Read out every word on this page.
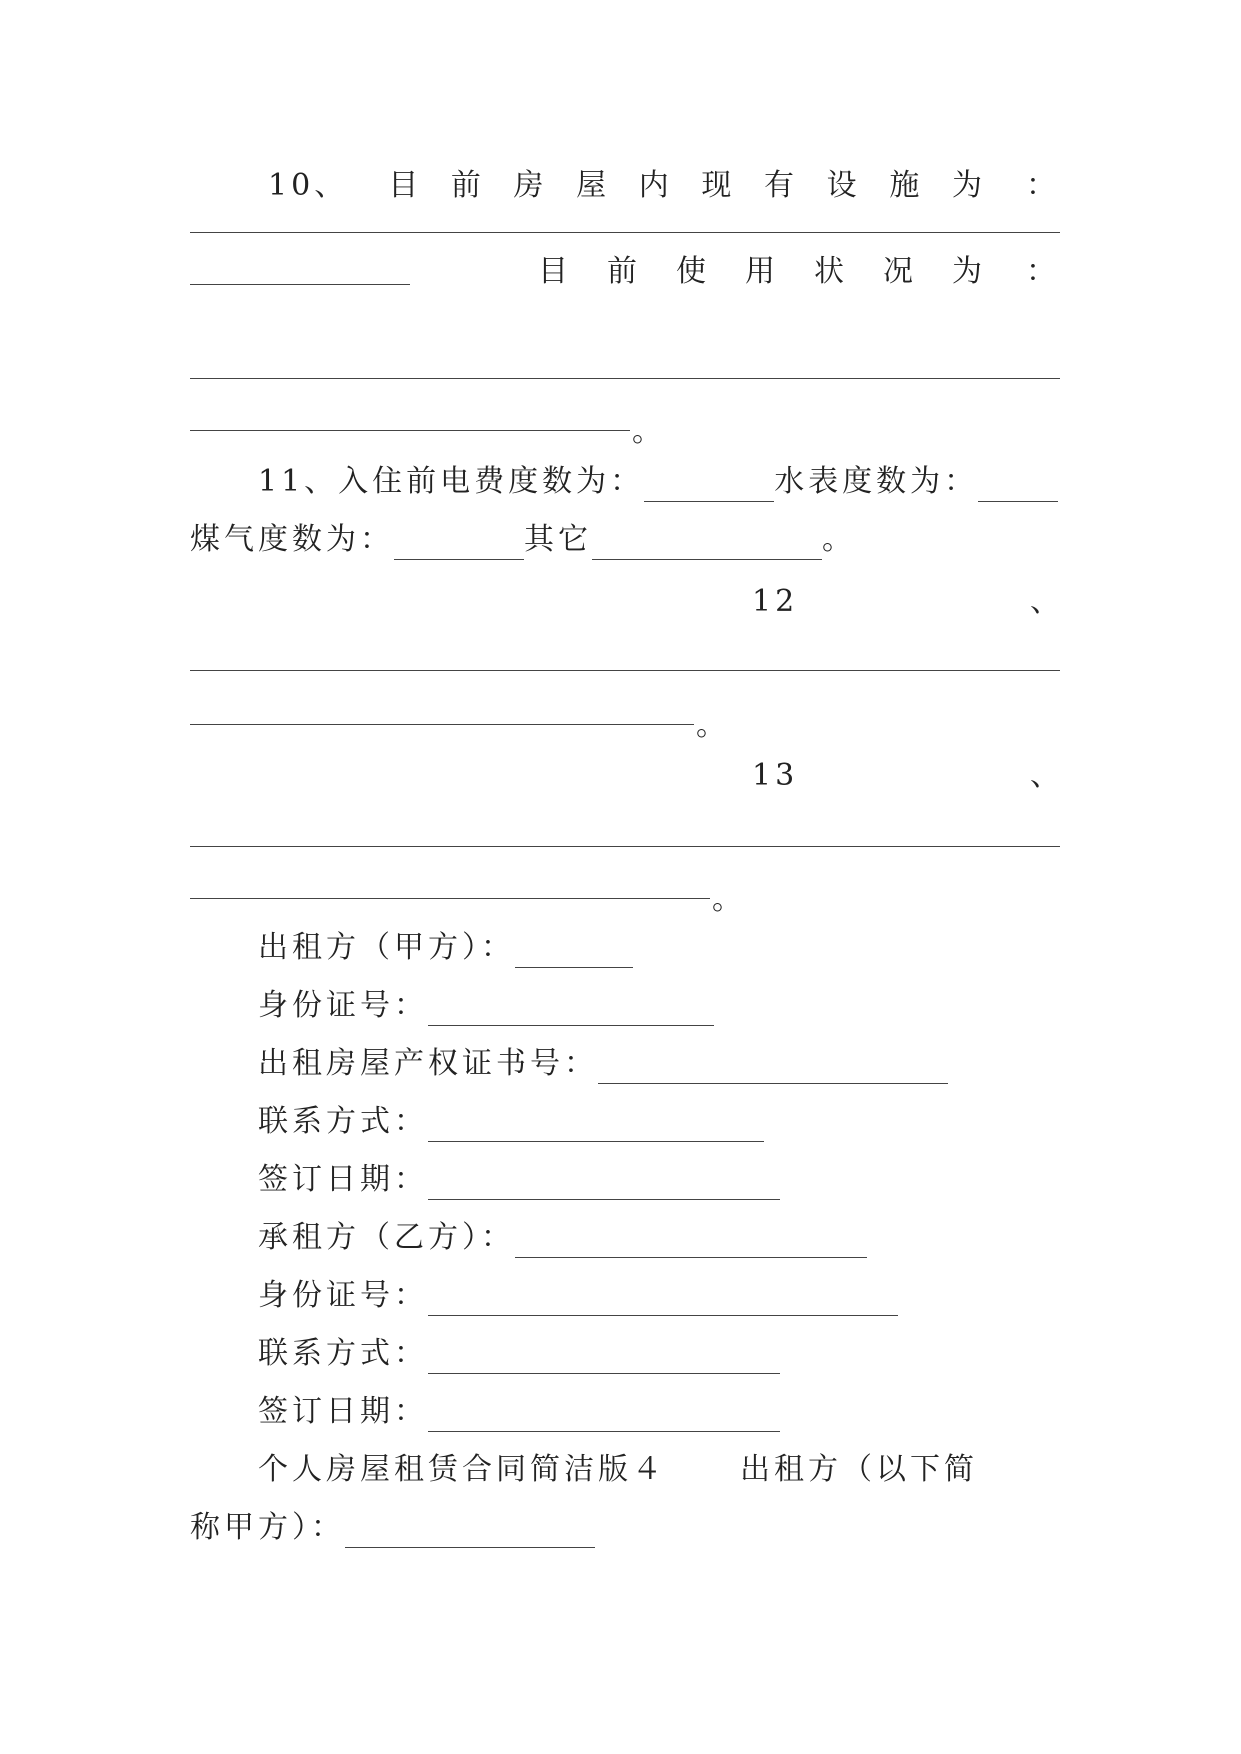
10 、 目 前 房 屋 内 现 有 设 施 为 ：
目 前 使 用 状 况 为 ：
。
11、入住前电费度数为：	水表度数为：
煤气度数为：	其它	。
12	、
。
13	、
。
出租方（甲方）：
身份证号：
出租房屋产权证书号：
联系方式：
签订日期：
承租方（乙方）：
身份证号：
联系方式：
签订日期：
个人房屋租赁合同简洁版４ 出租方（以下简
称甲方）：
